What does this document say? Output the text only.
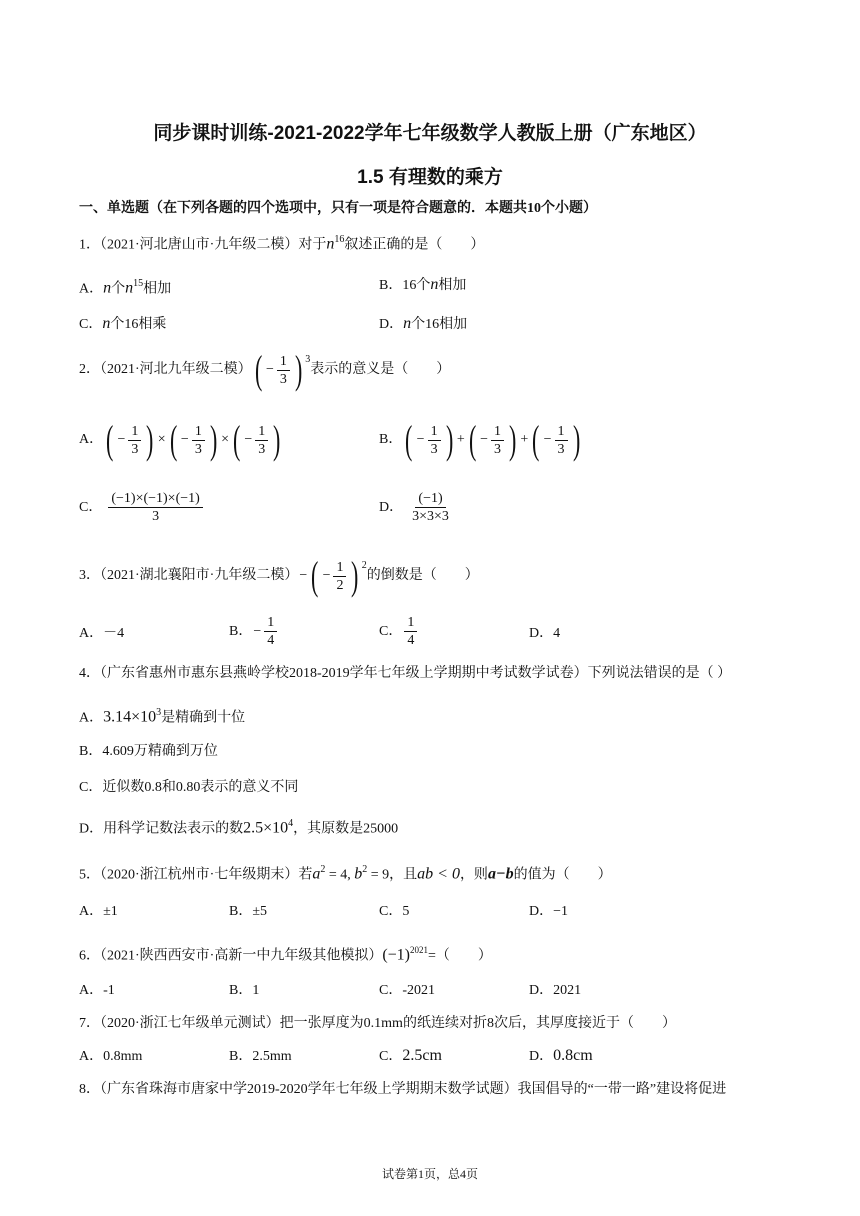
同步课时训练-2021-2022学年七年级数学人教版上册（广东地区）
1.5 有理数的乘方
一、单选题（在下列各题的四个选项中，只有一项是符合题意的．本题共10个小题）
1．（2021·河北唐山市·九年级二模）对于$n^{16}$叙述正确的是（　　）
A．n个$n^{15}$相加	B．16个n相加
C．n个16相乘	D．n个16相加
2．（2021·河北九年级二模） ( − $\frac{1}{3}$ ) $^3$
表示的意义是（　　）
A． ( − $\frac{1}{3}$ ) × ( − $\frac{1}{3}$ ) × ( − $\frac{1}{3}$ )	B． ( − $\frac{1}{3}$ ) + ( − $\frac{1}{3}$ ) + ( − $\frac{1}{3}$ )
C． $\frac{(-1)\times(-1)\times(-1)}{3}$	D． $\frac{(-1)}{3\times 3\times 3}$
3．（2021·湖北襄阳市·九年级二模） − ( − $\frac{1}{2}$ ) $^2$
的倒数是（　　）
A．－4	B． − $\frac{1}{4}$	C． $\frac{1}{4}$	D．4
4．（广东省惠州市惠东县燕岭学校2018-2019学年七年级上学期期中考试数学试卷）下列说法错误的是（ ）
A．$3.14\times 10^3$是精确到十位
B．4.609万精确到万位
C．近似数0.8和0.80表示的意义不同
D．用科学记数法表示的数$2.5\times 10^4$，其原数是25000
5．（2020·浙江杭州市·七年级期末）若$a^2 = 4$, $b^2 = 9$，且ab < 0，则a−b的值为（　　）
A．±1	B．±5	C．5	D．−1
6．（2021·陕西西安市·高新一中九年级其他模拟）$(-1)^{2021}=$（　　）
A．-1	B．1	C．-2021	D．2021
7．（2020·浙江七年级单元测试）把一张厚度为0.1mm的纸连续对折8次后，其厚度接近于（　　）
A．0.8mm	B．2.5mm	C．2.5cm	D．0.8cm
8．（广东省珠海市唐家中学2019-2020学年七年级上学期期末数学试题）我国倡导的“一带一路”建设将促进
试卷第1页，总4页
